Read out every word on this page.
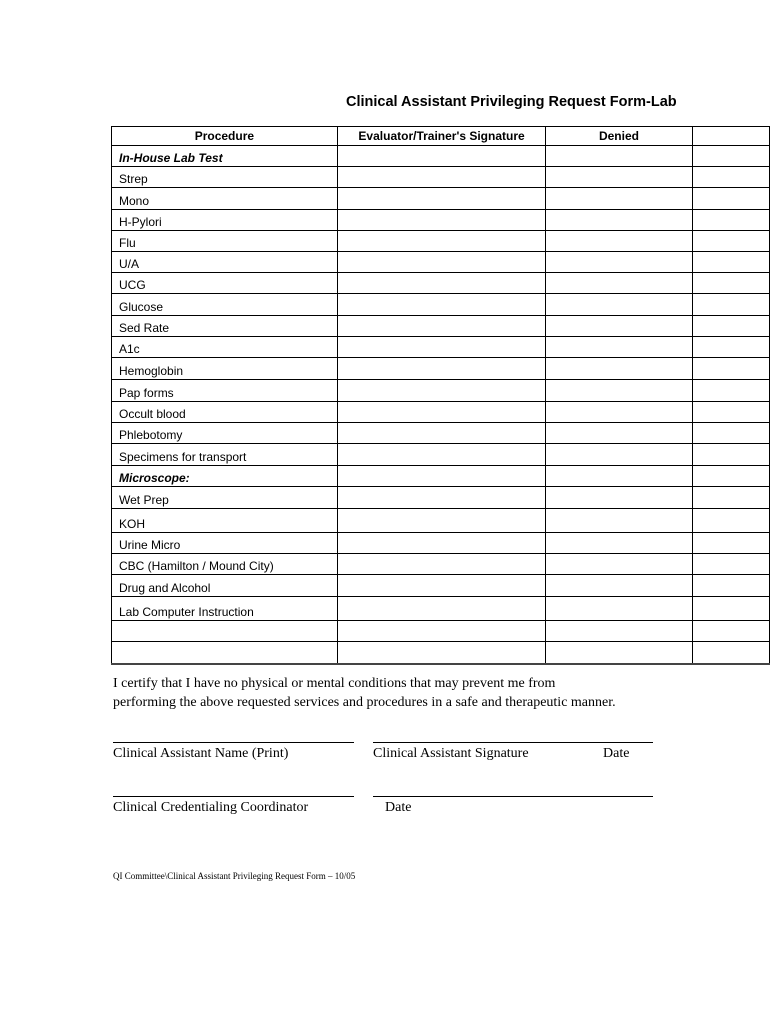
Clinical Assistant Privileging Request Form-Lab
Procedure	Evaluator/Trainer's Signature	Denied	
In-House Lab Test			
Strep			
Mono			
H-Pylori			
Flu			
U/A			
UCG			
Glucose			
Sed Rate			
A1c			
Hemoglobin			
Pap forms			
Occult blood			
Phlebotomy			
Specimens for transport			
Microscope:			
Wet Prep			
KOH			
Urine Micro			
CBC (Hamilton / Mound City)			
Drug and Alcohol			
Lab Computer Instruction			

I certify that I have no physical or mental conditions that may prevent me from
performing the above requested services and procedures in a safe and therapeutic manner.
Clinical Assistant Name (Print)	Clinical Assistant Signature	Date
Clinical Credentialing Coordinator	Date
QI Committee\Clinical Assistant Privileging Request Form – 10/05
